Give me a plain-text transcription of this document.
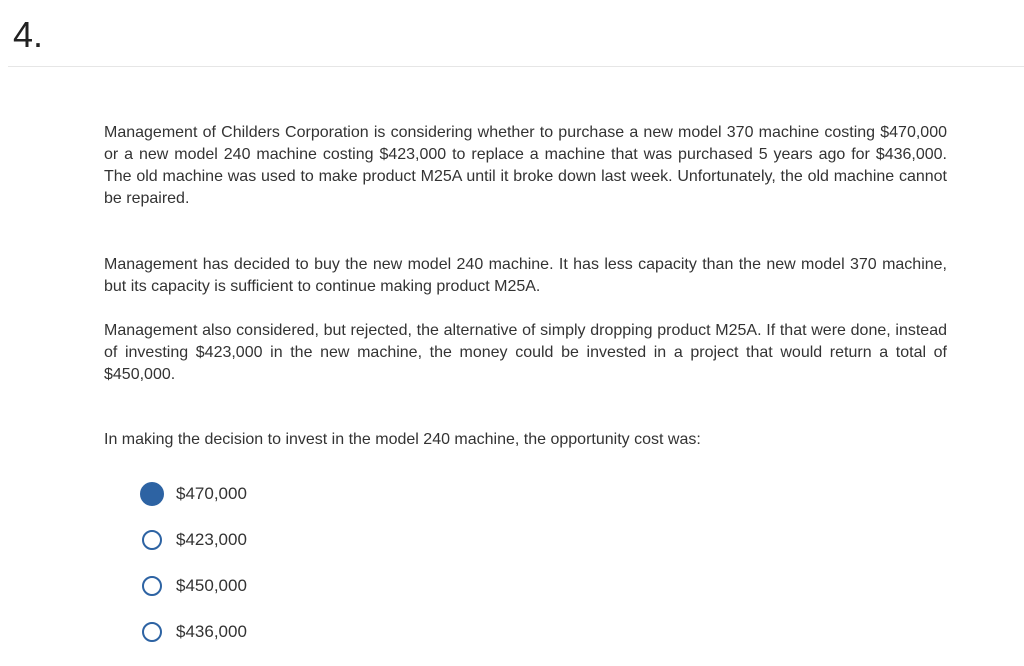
4.

Management of Childers Corporation is considering whether to purchase a new model 370 machine costing $470,000 or a new model 240 machine costing $423,000 to replace a machine that was purchased 5 years ago for $436,000. The old machine was used to make product M25A until it broke down last week. Unfortunately, the old machine cannot be repaired.

Management has decided to buy the new model 240 machine. It has less capacity than the new model 370 machine, but its capacity is sufficient to continue making product M25A.

Management also considered, but rejected, the alternative of simply dropping product M25A. If that were done, instead of investing $423,000 in the new machine, the money could be invested in a project that would return a total of $450,000.

In making the decision to invest in the model 240 machine, the opportunity cost was:

$470,000
$423,000
$450,000
$436,000
